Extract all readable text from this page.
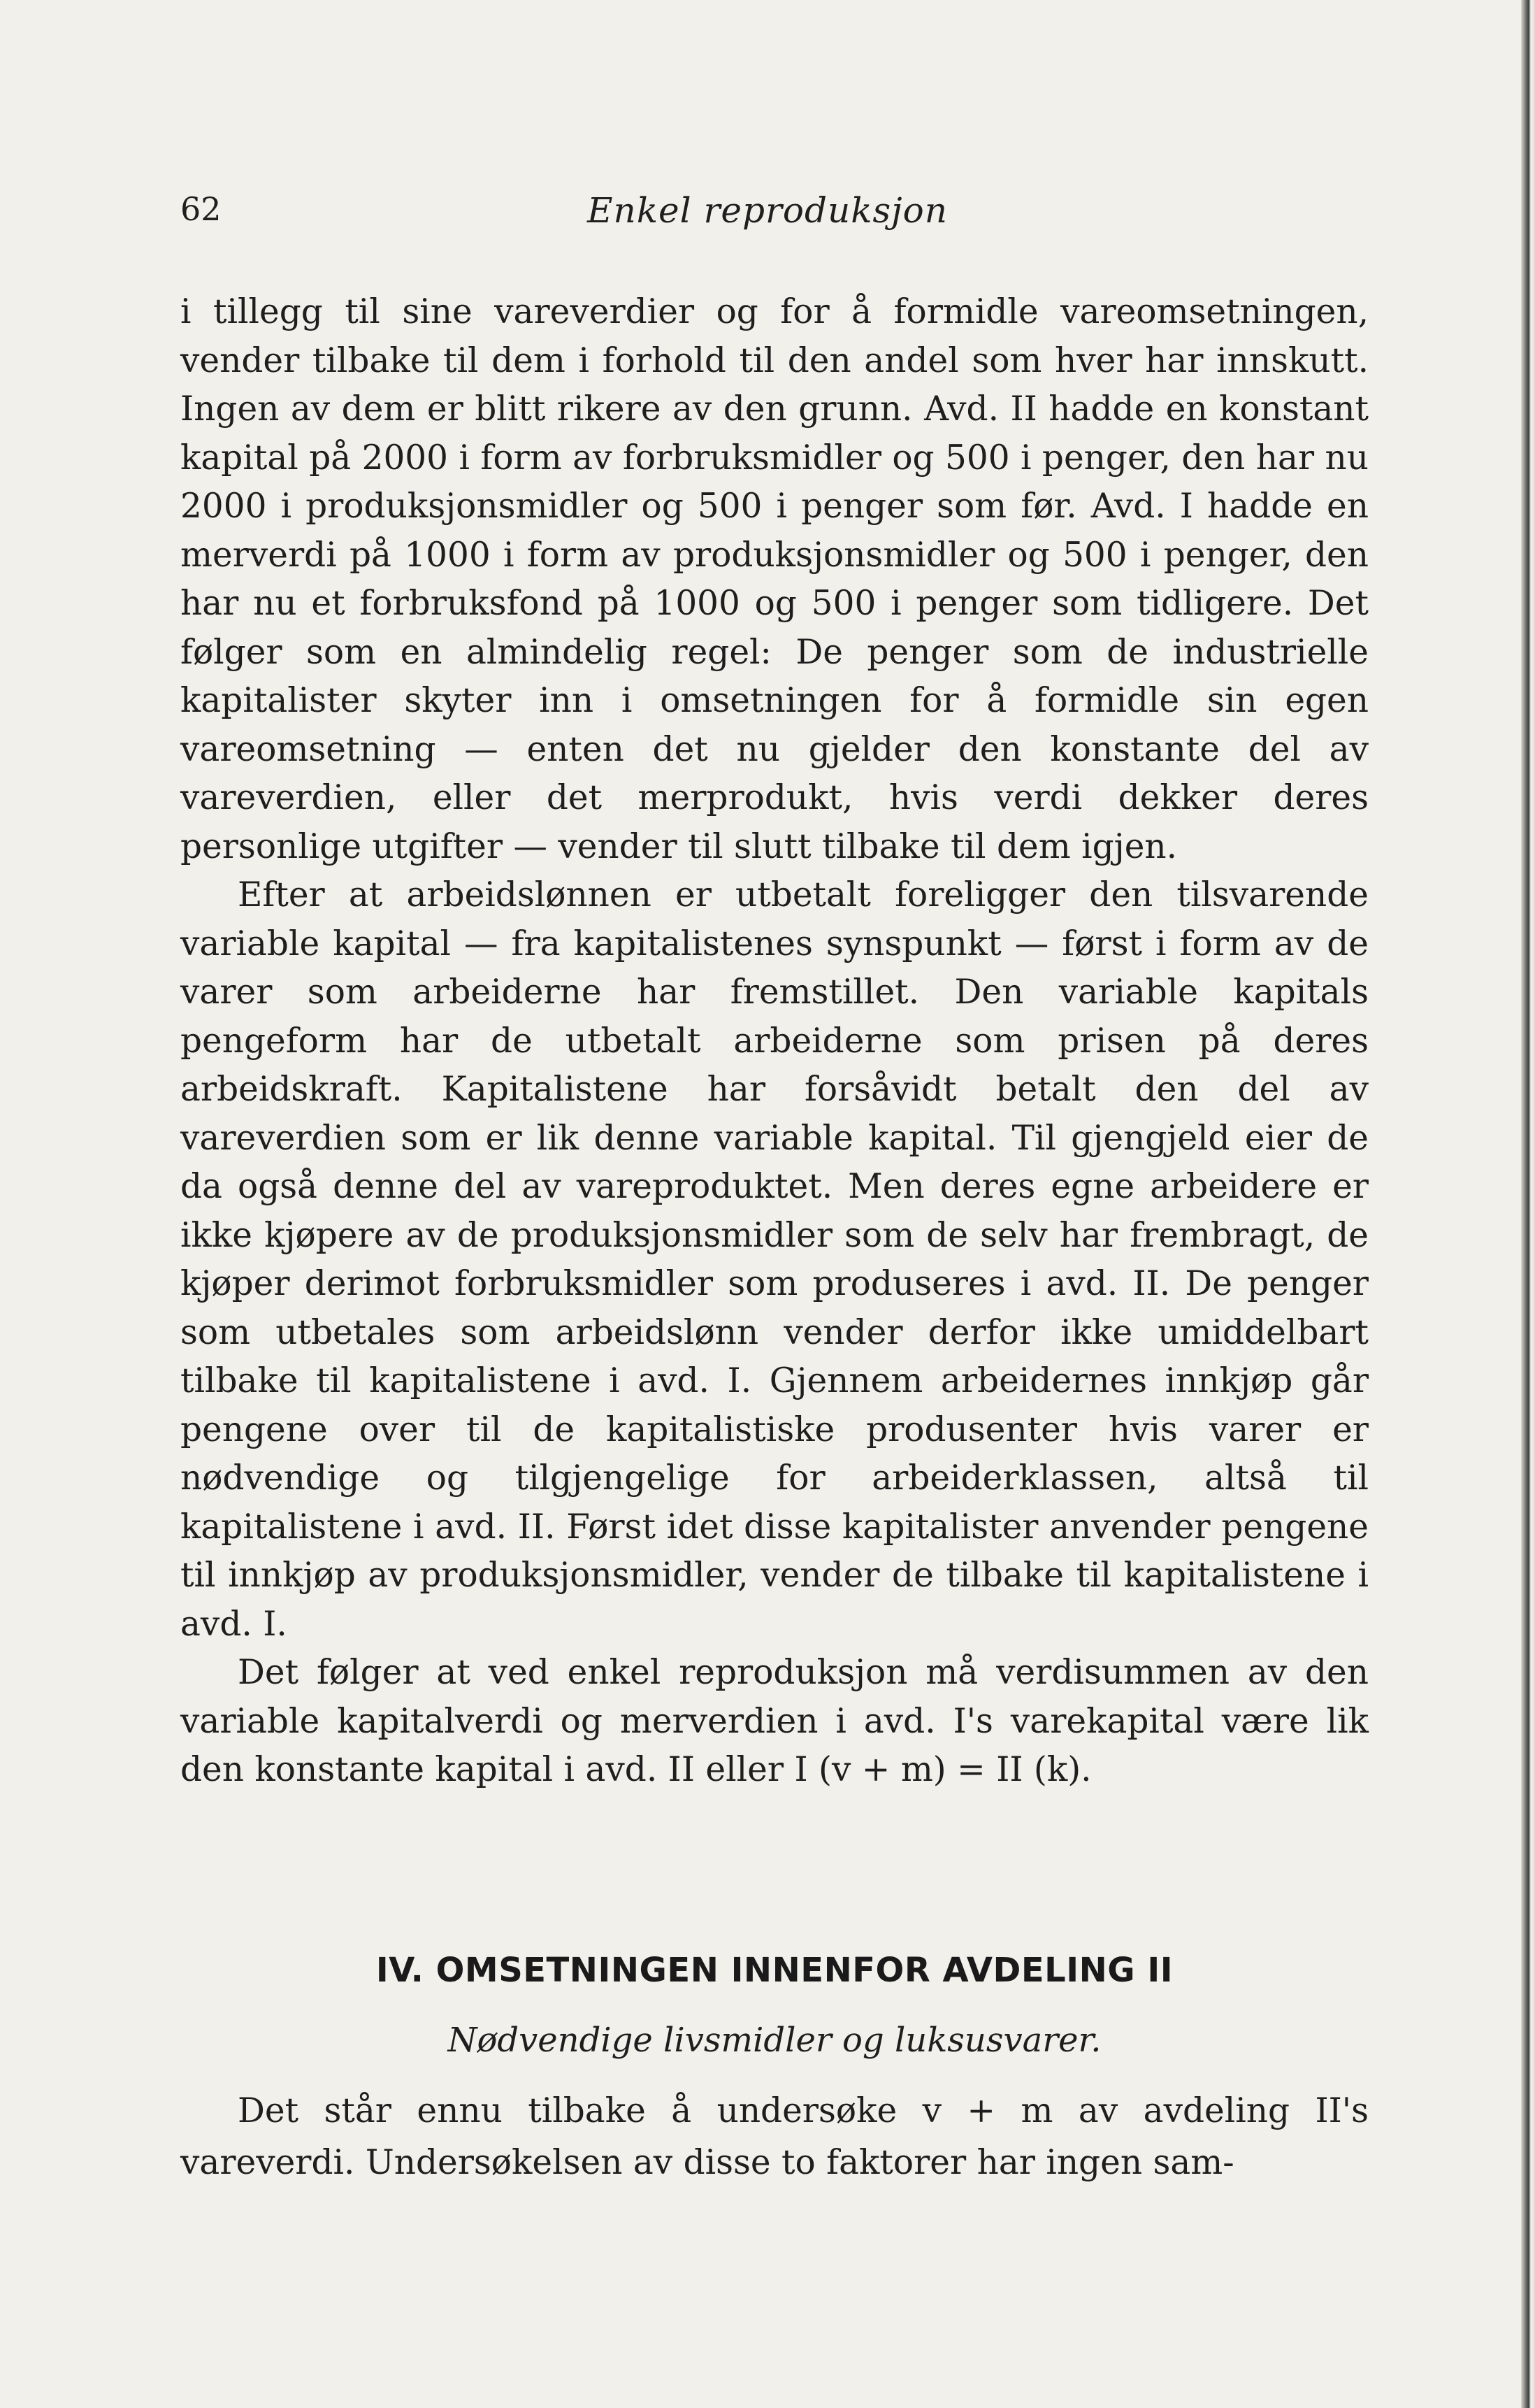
62	Enkel reproduksjon

i tillegg til sine vareverdier og for å formidle vareomsetningen, vender tilbake til dem i forhold til den andel som hver har innskutt. Ingen av dem er blitt rikere av den grunn. Avd. II hadde en konstant kapital på 2000 i form av forbruksmidler og 500 i penger, den har nu 2000 i produksjonsmidler og 500 i penger som før. Avd. I hadde en merverdi på 1000 i form av produksjonsmidler og 500 i penger, den har nu et forbruksfond på 1000 og 500 i penger som tidligere. Det følger som en almindelig regel: De penger som de industrielle kapitalister skyter inn i omsetningen for å formidle sin egen vareomsetning — enten det nu gjelder den konstante del av vareverdien, eller det merprodukt, hvis verdi dekker deres personlige utgifter — vender til slutt tilbake til dem igjen.

Efter at arbeidslønnen er utbetalt foreligger den tilsvarende variable kapital — fra kapitalistenes synspunkt — først i form av de varer som arbeiderne har fremstillet. Den variable kapitals pengeform har de utbetalt arbeiderne som prisen på deres arbeidskraft. Kapitalistene har forsåvidt betalt den del av vareverdien som er lik denne variable kapital. Til gjengjeld eier de da også denne del av vareproduktet. Men deres egne arbeidere er ikke kjøpere av de produksjonsmidler som de selv har frembragt, de kjøper derimot forbruksmidler som produseres i avd. II. De penger som utbetales som arbeidslønn vender derfor ikke umiddelbart tilbake til kapitalistene i avd. I. Gjennem arbeidernes innkjøp går pengene over til de kapitalistiske produsenter hvis varer er nødvendige og tilgjengelige for arbeiderklassen, altså til kapitalistene i avd. II. Først idet disse kapitalister anvender pengene til innkjøp av produksjonsmidler, vender de tilbake til kapitalistene i avd. I.

Det følger at ved enkel reproduksjon må verdisummen av den variable kapitalverdi og merverdien i avd. I's varekapital være lik den konstante kapital i avd. II eller I (v + m) = II (k).

IV. OMSETNINGEN INNENFOR AVDELING II
Nødvendige livsmidler og luksusvarer.

Det står ennu tilbake å undersøke v + m av avdeling II's vareverdi. Undersøkelsen av disse to faktorer har ingen sam-
